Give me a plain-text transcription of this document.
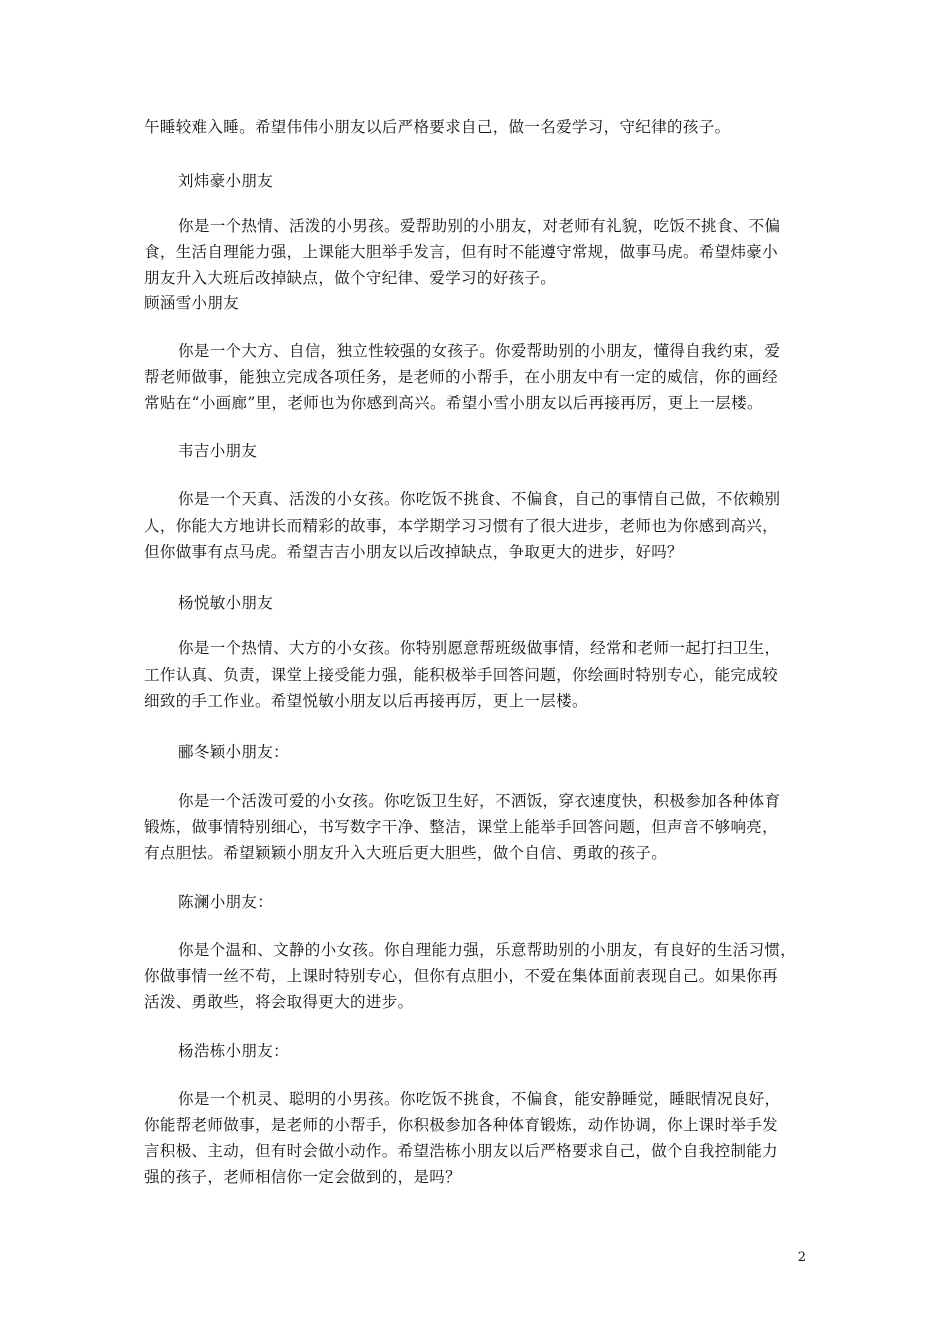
午睡较难入睡。希望伟伟小朋友以后严格要求自己，做一名爱学习，守纪律的孩子。
刘炜豪小朋友
你是一个热情、活泼的小男孩。爱帮助别的小朋友，对老师有礼貌，吃饭不挑食、不偏
食，生活自理能力强，上课能大胆举手发言，但有时不能遵守常规，做事马虎。希望炜豪小
朋友升入大班后改掉缺点，做个守纪律、爱学习的好孩子。
顾涵雪小朋友
你是一个大方、自信，独立性较强的女孩子。你爱帮助别的小朋友，懂得自我约束，爱
帮老师做事，能独立完成各项任务，是老师的小帮手，在小朋友中有一定的威信，你的画经
常贴在“小画廊”里，老师也为你感到高兴。希望小雪小朋友以后再接再厉，更上一层楼。
韦吉小朋友
你是一个天真、活泼的小女孩。你吃饭不挑食、不偏食，自己的事情自己做，不依赖别
人，你能大方地讲长而精彩的故事，本学期学习习惯有了很大进步，老师也为你感到高兴，
但你做事有点马虎。希望吉吉小朋友以后改掉缺点，争取更大的进步，好吗？
杨悦敏小朋友
你是一个热情、大方的小女孩。你特别愿意帮班级做事情，经常和老师一起打扫卫生，
工作认真、负责，课堂上接受能力强，能积极举手回答问题，你绘画时特别专心，能完成较
细致的手工作业。希望悦敏小朋友以后再接再厉，更上一层楼。
郦冬颖小朋友：
你是一个活泼可爱的小女孩。你吃饭卫生好，不洒饭，穿衣速度快，积极参加各种体育
锻炼，做事情特别细心，书写数字干净、整洁，课堂上能举手回答问题，但声音不够响亮，
有点胆怯。希望颖颖小朋友升入大班后更大胆些，做个自信、勇敢的孩子。
陈澜小朋友：
你是个温和、文静的小女孩。你自理能力强，乐意帮助别的小朋友，有良好的生活习惯，
你做事情一丝不苟，上课时特别专心，但你有点胆小，不爱在集体面前表现自己。如果你再
活泼、勇敢些，将会取得更大的进步。
杨浩栋小朋友：
你是一个机灵、聪明的小男孩。你吃饭不挑食，不偏食，能安静睡觉，睡眠情况良好，
你能帮老师做事，是老师的小帮手，你积极参加各种体育锻炼，动作协调，你上课时举手发
言积极、主动，但有时会做小动作。希望浩栋小朋友以后严格要求自己，做个自我控制能力
强的孩子，老师相信你一定会做到的，是吗？
2
